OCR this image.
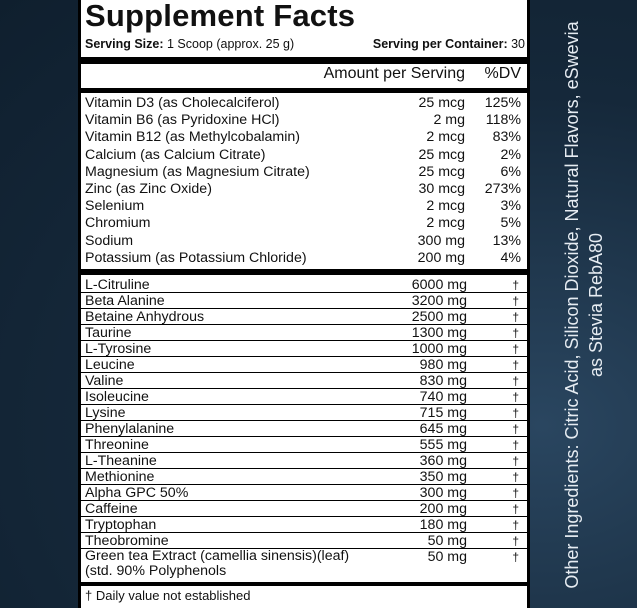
Supplement Facts
Serving Size: 1 Scoop (approx. 25 g)	Serving per Container: 30
Amount per Serving %DV
Vitamin D3 (as Cholecalciferol)	25 mcg 125%
Vitamin B6 (as Pyridoxine HCl)	2 mg 118%
Vitamin B12 (as Methylcobalamin)	2 mcg 83%
Calcium (as Calcium Citrate)	25 mcg 2%
Magnesium (as Magnesium Citrate)	25 mcg 6%
Zinc (as Zinc Oxide)	30 mcg 273%
Selenium	2 mcg 3%
Chromium	2 mcg 5%
Sodium	300 mg 13%
Potassium (as Potassium Chloride)	200 mg 4%
L-Citruline	6000 mg	†
Beta Alanine	3200 mg	†
Betaine Anhydrous	2500 mg	†
Taurine	1300 mg	†
L-Tyrosine	1000 mg	†
Leucine	980 mg	†
Valine	830 mg	†
Isoleucine	740 mg	†
Lysine	715 mg	†
Phenylalanine	645 mg	†
Threonine	555 mg	†
L-Theanine	360 mg	†
Methionine	350 mg	†
Alpha GPC 50%	300 mg	†
Caffeine	200 mg	†
Tryptophan	180 mg	†
Theobromine	50 mg	†
Green tea Extract (camellia sinensis)(leaf)
(std. 90% Polyphenols
50 mg	†
† Daily value not established
Other Ingredients: Citric Acid, Silicon Dioxide, Natural Flavors, eSwevia as Stevia RebA80
